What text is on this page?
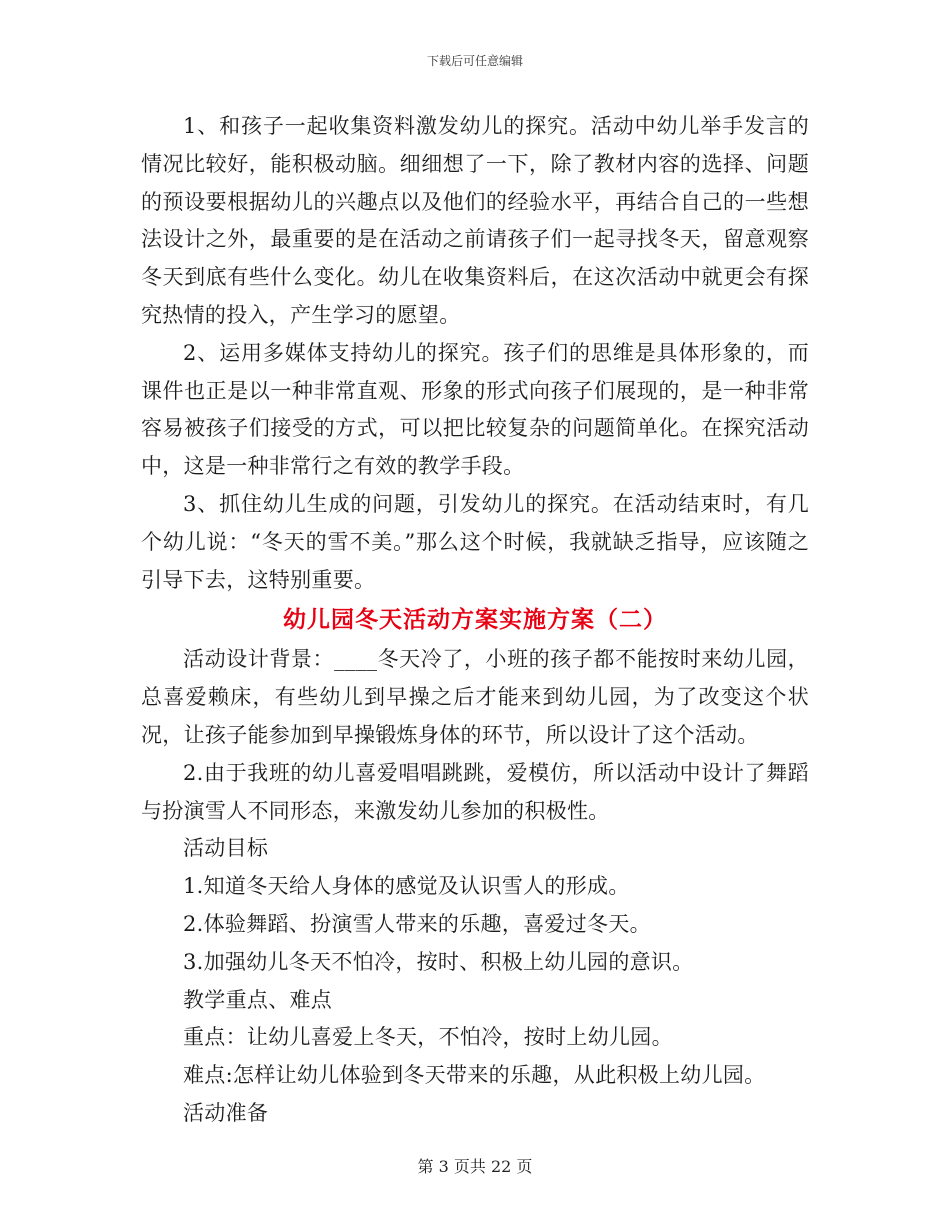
下载后可任意编辑

1、和孩子一起收集资料激发幼儿的探究。活动中幼儿举手发言的情况比较好，能积极动脑。细细想了一下，除了教材内容的选择、问题的预设要根据幼儿的兴趣点以及他们的经验水平，再结合自己的一些想法设计之外，最重要的是在活动之前请孩子们一起寻找冬天，留意观察冬天到底有些什么变化。幼儿在收集资料后，在这次活动中就更会有探究热情的投入，产生学习的愿望。

2、运用多媒体支持幼儿的探究。孩子们的思维是具体形象的，而课件也正是以一种非常直观、形象的形式向孩子们展现的，是一种非常容易被孩子们接受的方式，可以把比较复杂的问题简单化。在探究活动中，这是一种非常行之有效的教学手段。

3、抓住幼儿生成的问题，引发幼儿的探究。在活动结束时，有几个幼儿说：“冬天的雪不美。”那么这个时候，我就缺乏指导，应该随之引导下去，这特别重要。

幼儿园冬天活动方案实施方案（二）

活动设计背景：____冬天冷了，小班的孩子都不能按时来幼儿园，总喜爱赖床，有些幼儿到早操之后才能来到幼儿园，为了改变这个状况，让孩子能参加到早操锻炼身体的环节，所以设计了这个活动。

2.由于我班的幼儿喜爱唱唱跳跳，爱模仿，所以活动中设计了舞蹈与扮演雪人不同形态，来激发幼儿参加的积极性。

活动目标

1.知道冬天给人身体的感觉及认识雪人的形成。

2.体验舞蹈、扮演雪人带来的乐趣，喜爱过冬天。

3.加强幼儿冬天不怕冷，按时、积极上幼儿园的意识。

教学重点、难点

重点：让幼儿喜爱上冬天，不怕冷，按时上幼儿园。

难点:怎样让幼儿体验到冬天带来的乐趣，从此积极上幼儿园。

活动准备

第 3 页共 22 页
